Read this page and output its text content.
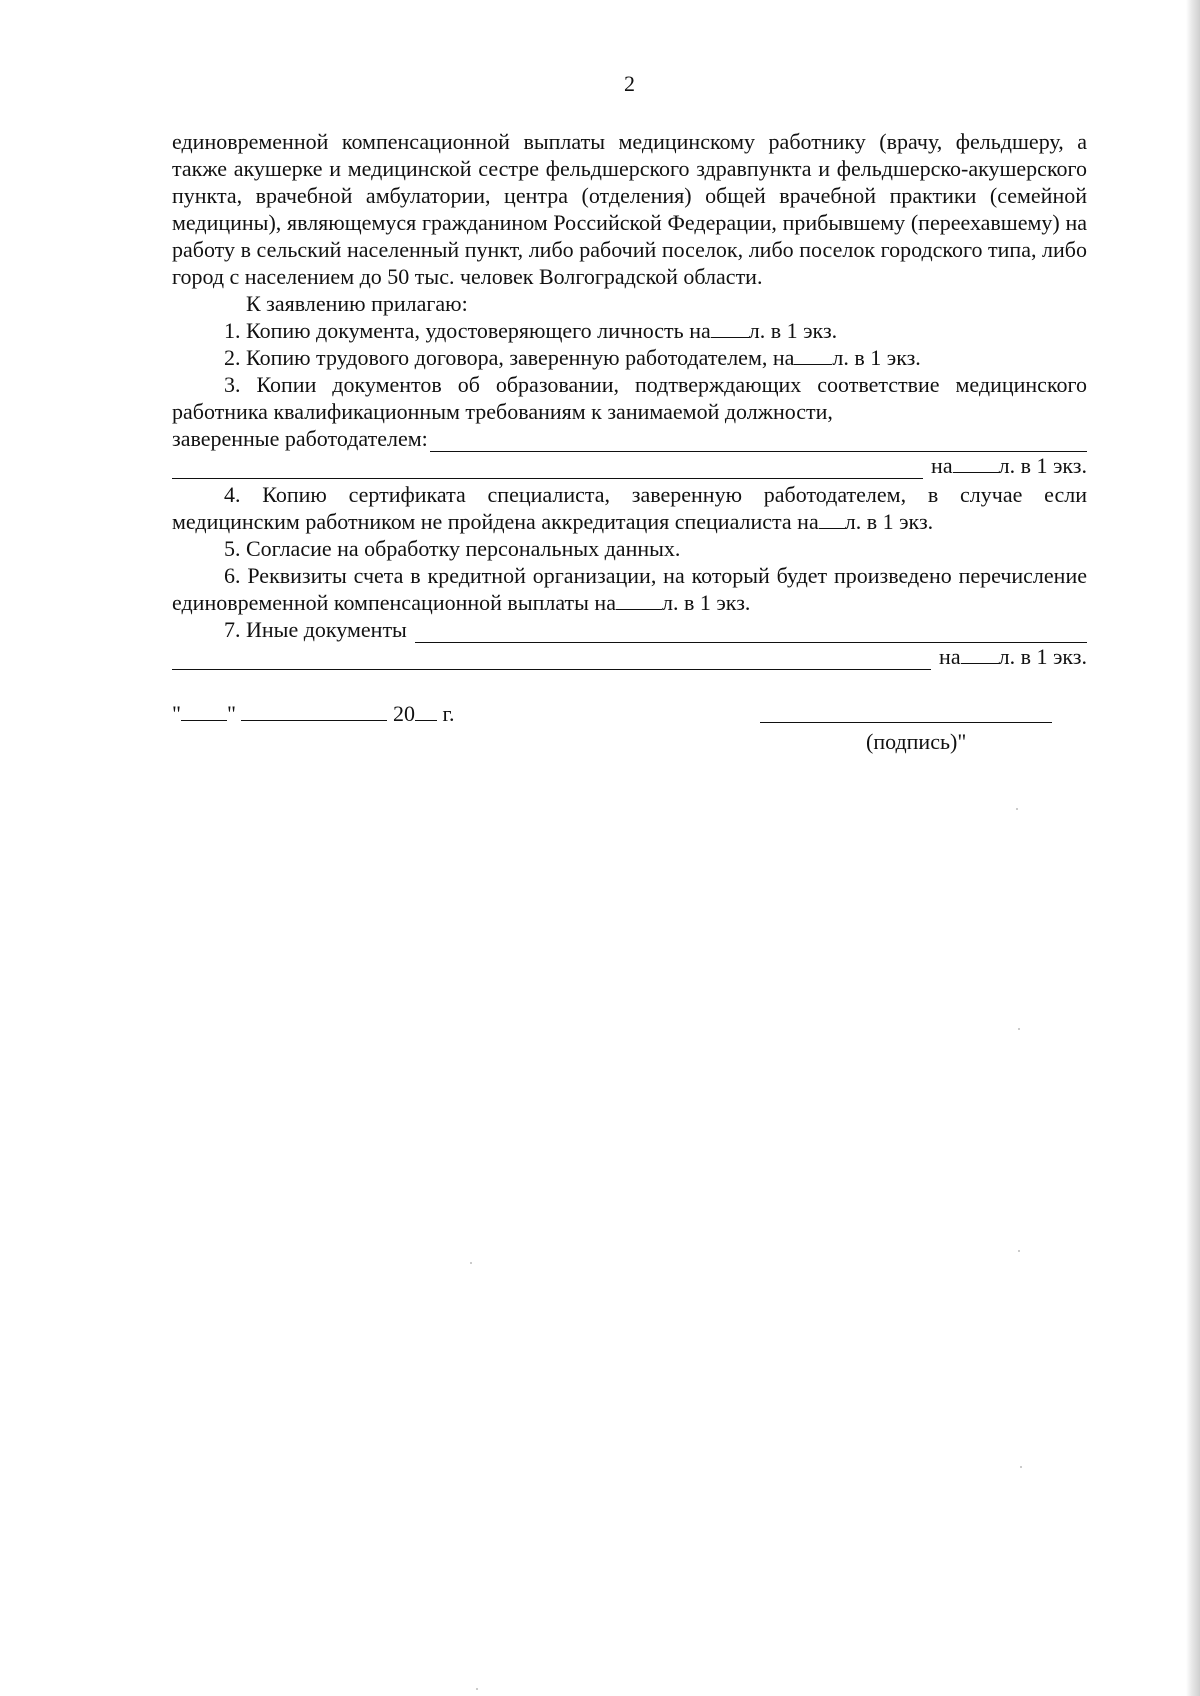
2

единовременной компенсационной выплаты медицинскому работнику (врачу, фельдшеру, а также акушерке и медицинской сестре фельдшерского здравпункта и фельдшерско-акушерского пункта, врачебной амбулатории, центра (отделения) общей врачебной практики (семейной медицины), являющемуся гражданином Российской Федерации, прибывшему (переехавшему) на работу в сельский населенный пункт, либо рабочий поселок, либо поселок городского типа, либо город с населением до 50 тыс. человек Волгоградской области.

К заявлению прилагаю:

1. Копию документа, удостоверяющего личность на л. в 1 экз.

2. Копию трудового договора, заверенную работодателем, на л. в 1 экз.

3. Копии документов об образовании, подтверждающих соответствие медицинского работника квалификационным требованиям к занимаемой должности,

заверенные работодателем:
на л. в 1 экз.

4. Копию сертификата специалиста, заверенную работодателем, в случае если медицинским работником не пройдена аккредитация специалиста на л. в 1 экз.

5. Согласие на обработку персональных данных.

6. Реквизиты счета в кредитной организации, на который будет произведено перечисление единовременной компенсационной выплаты на л. в 1 экз.

7. Иные документы
на л. в 1 экз.
" "	20 г.
(подпись)"
